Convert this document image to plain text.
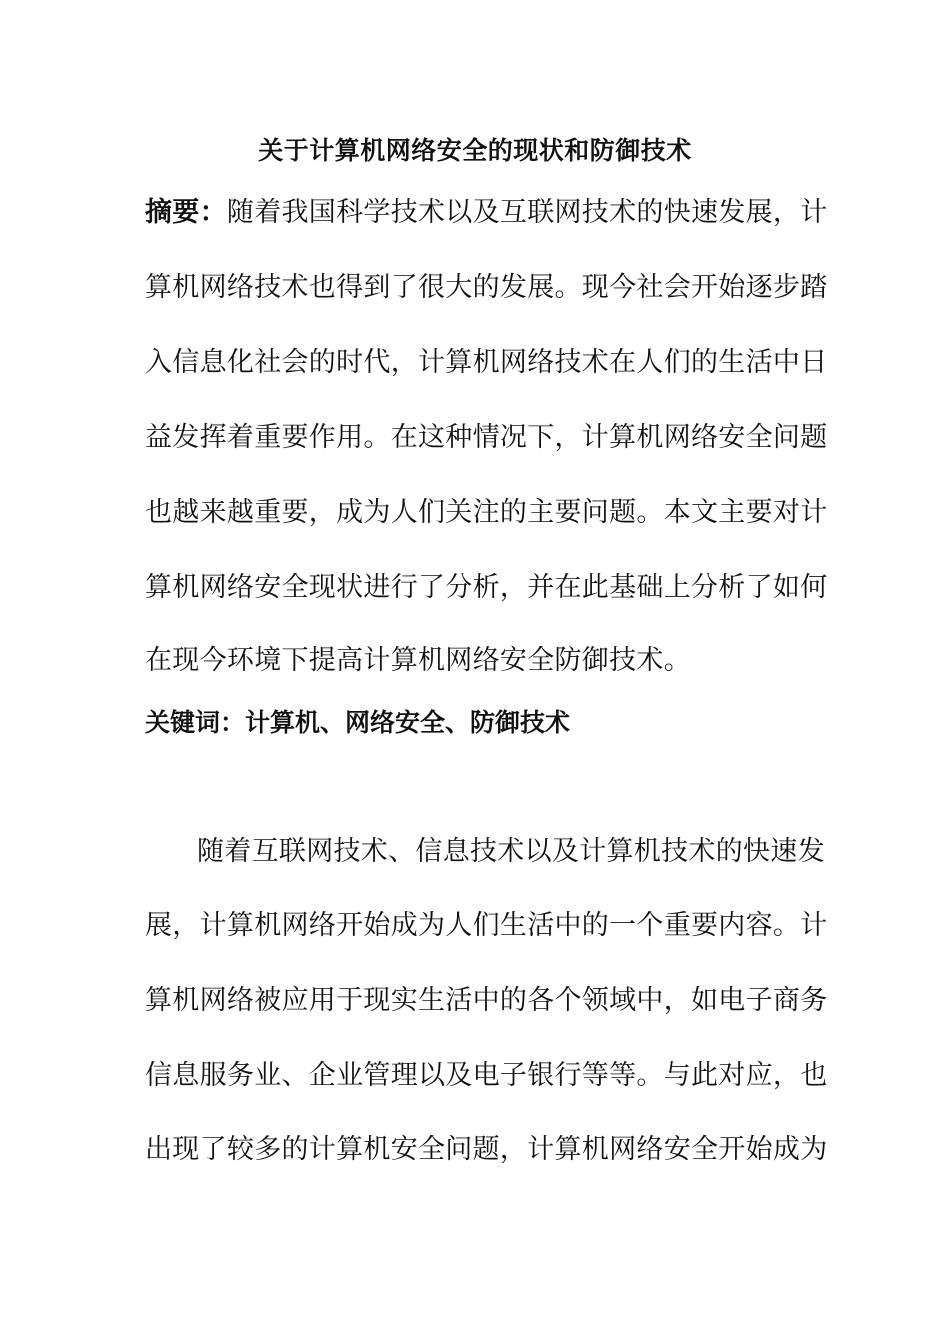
关于计算机网络安全的现状和防御技术
摘要：随着我国科学技术以及互联网技术的快速发展，计
算机网络技术也得到了很大的发展。现今社会开始逐步踏
入信息化社会的时代，计算机网络技术在人们的生活中日
益发挥着重要作用。在这种情况下，计算机网络安全问题
也越来越重要，成为人们关注的主要问题。本文主要对计
算机网络安全现状进行了分析，并在此基础上分析了如何
在现今环境下提高计算机网络安全防御技术。
关键词：计算机、网络安全、防御技术
随着互联网技术、信息技术以及计算机技术的快速发
展，计算机网络开始成为人们生活中的一个重要内容。计
算机网络被应用于现实生活中的各个领域中，如电子商务
信息服务业、企业管理以及电子银行等等。与此对应，也
出现了较多的计算机安全问题，计算机网络安全开始成为
